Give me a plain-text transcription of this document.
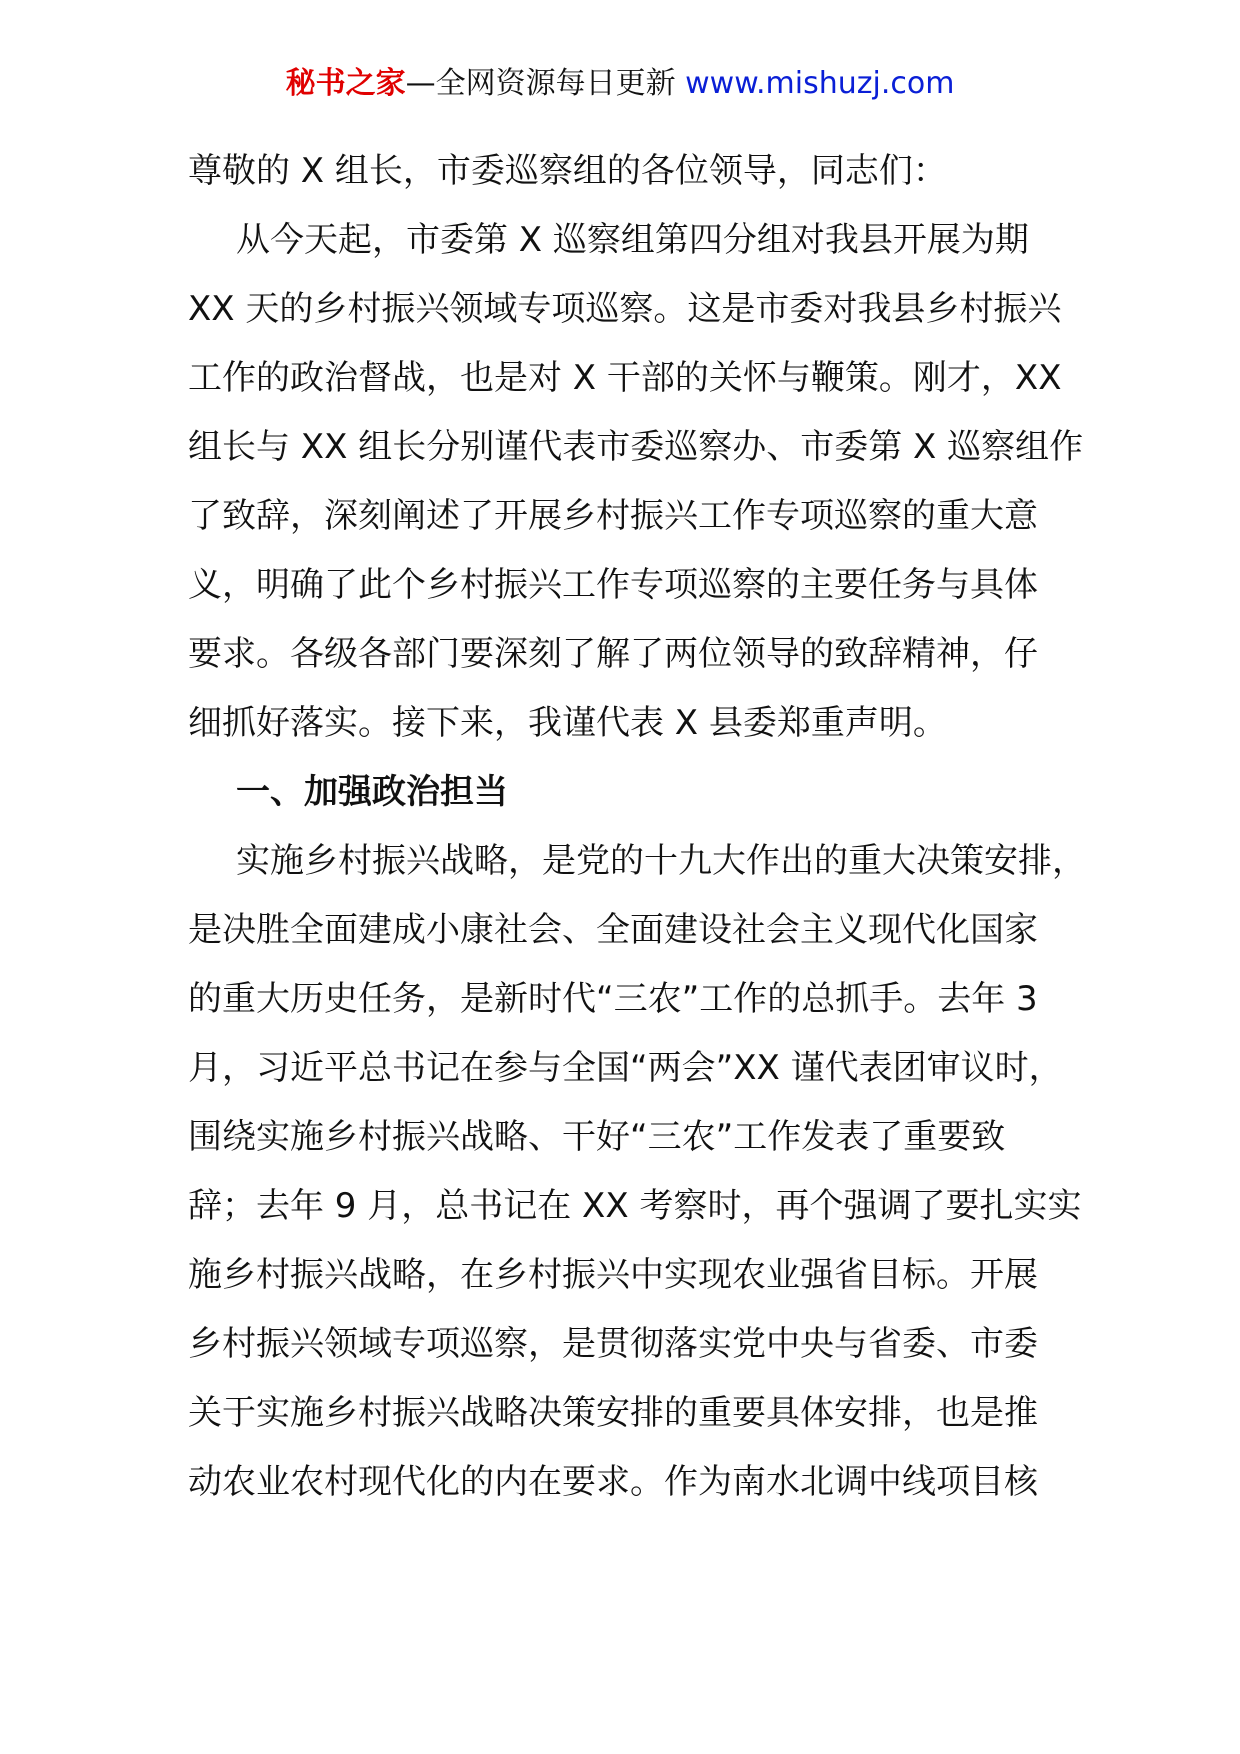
秘书之家—全网资源每日更新 www.mishuzj.com
尊敬的 X 组长，市委巡察组的各位领导，同志们：
从今天起，市委第 X 巡察组第四分组对我县开展为期
XX 天的乡村振兴领域专项巡察。这是市委对我县乡村振兴
工作的政治督战，也是对 X 干部的关怀与鞭策。刚才，XX
组长与 XX 组长分别谨代表市委巡察办、市委第 X 巡察组作
了致辞，深刻阐述了开展乡村振兴工作专项巡察的重大意
义，明确了此个乡村振兴工作专项巡察的主要任务与具体
要求。各级各部门要深刻了解了两位领导的致辞精神，仔
细抓好落实。接下来，我谨代表 X 县委郑重声明。
一、加强政治担当
实施乡村振兴战略，是党的十九大作出的重大决策安排，
是决胜全面建成小康社会、全面建设社会主义现代化国家
的重大历史任务，是新时代“三农”工作的总抓手。去年 3
月，习近平总书记在参与全国“两会”XX 谨代表团审议时，
围绕实施乡村振兴战略、干好“三农”工作发表了重要致
辞；去年 9 月，总书记在 XX 考察时，再个强调了要扎实实
施乡村振兴战略，在乡村振兴中实现农业强省目标。开展
乡村振兴领域专项巡察，是贯彻落实党中央与省委、市委
关于实施乡村振兴战略决策安排的重要具体安排，也是推
动农业农村现代化的内在要求。作为南水北调中线项目核
